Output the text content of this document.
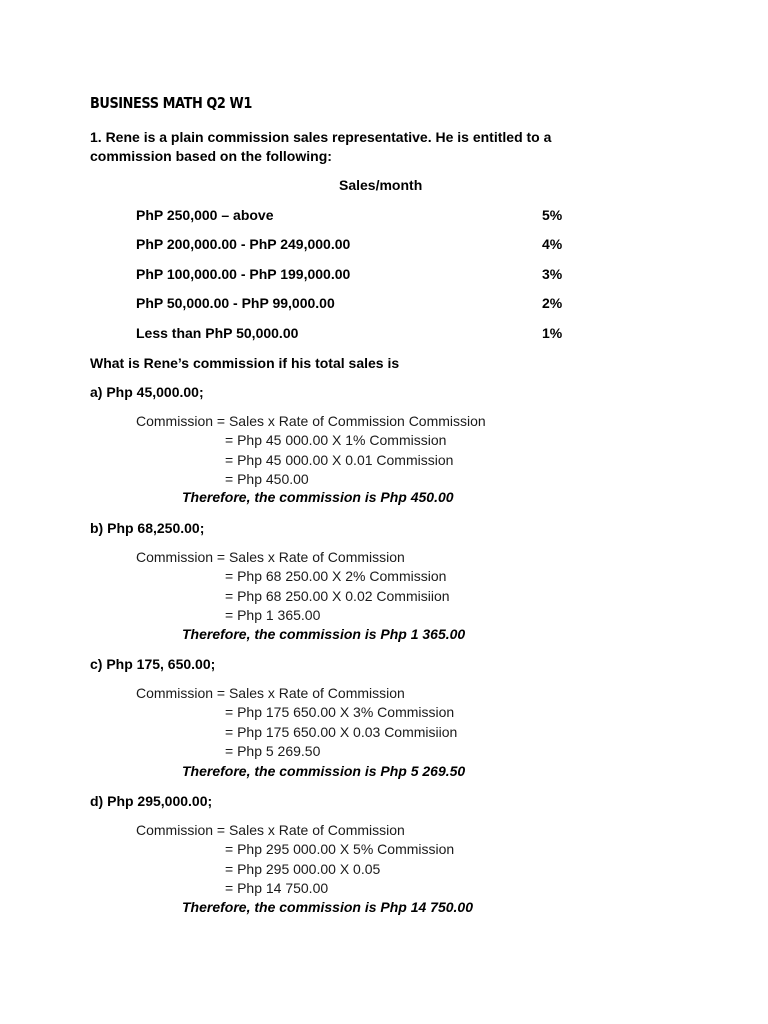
BUSINESS MATH Q2 W1
1. Rene is a plain commission sales representative. He is entitled to a
commission based on the following:
Sales/month
PhP 250,000 – above	5%
PhP 200,000.00 - PhP 249,000.00	4%
PhP 100,000.00 - PhP 199,000.00	3%
PhP 50,000.00 - PhP 99,000.00	2%
Less than PhP 50,000.00	1%
What is Rene’s commission if his total sales is
a) Php 45,000.00;
Commission = Sales x Rate of Commission Commission
= Php 45 000.00 X 1% Commission
= Php 45 000.00 X 0.01 Commission
= Php 450.00
Therefore, the commission is Php 450.00
b) Php 68,250.00;
Commission = Sales x Rate of Commission
= Php 68 250.00 X 2% Commission
= Php 68 250.00 X 0.02 Commisiion
= Php 1 365.00
Therefore, the commission is Php 1 365.00
c) Php 175, 650.00;
Commission = Sales x Rate of Commission
= Php 175 650.00 X 3% Commission
= Php 175 650.00 X 0.03 Commisiion
= Php 5 269.50
Therefore, the commission is Php 5 269.50
d) Php 295,000.00;
Commission = Sales x Rate of Commission
= Php 295 000.00 X 5% Commission
= Php 295 000.00 X 0.05
= Php 14 750.00
Therefore, the commission is Php 14 750.00
